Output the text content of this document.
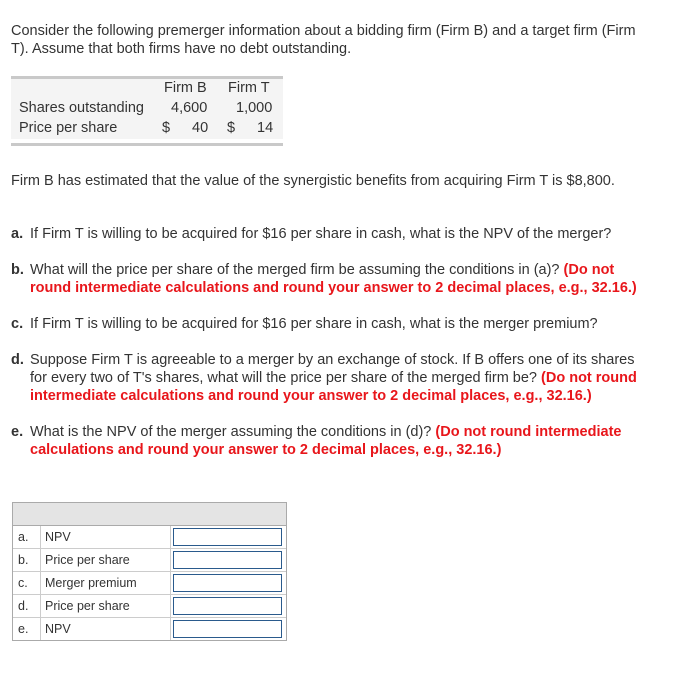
Consider the following premerger information about a bidding firm (Firm B) and a target firm (Firm T). Assume that both firms have no debt outstanding.

Firm B Firm T
Shares outstanding 4,600 1,000
Price per share	$ 40 $ 14

Firm B has estimated that the value of the synergistic benefits from acquiring Firm T is $8,800.

a. If Firm T is willing to be acquired for $16 per share in cash, what is the NPV of the merger?
b. What will the price per share of the merged firm be assuming the conditions in (a)? (Do not round intermediate calculations and round your answer to 2 decimal places, e.g., 32.16.)
c. If Firm T is willing to be acquired for $16 per share in cash, what is the merger premium?
d. Suppose Firm T is agreeable to a merger by an exchange of stock. If B offers one of its shares for every two of T's shares, what will the price per share of the merged firm be? (Do not round intermediate calculations and round your answer to 2 decimal places, e.g., 32.16.)
e. What is the NPV of the merger assuming the conditions in (d)? (Do not round intermediate calculations and round your answer to 2 decimal places, e.g., 32.16.)
a.	NPV
b.	Price per share
c.	Merger premium
d.	Price per share
e.	NPV
